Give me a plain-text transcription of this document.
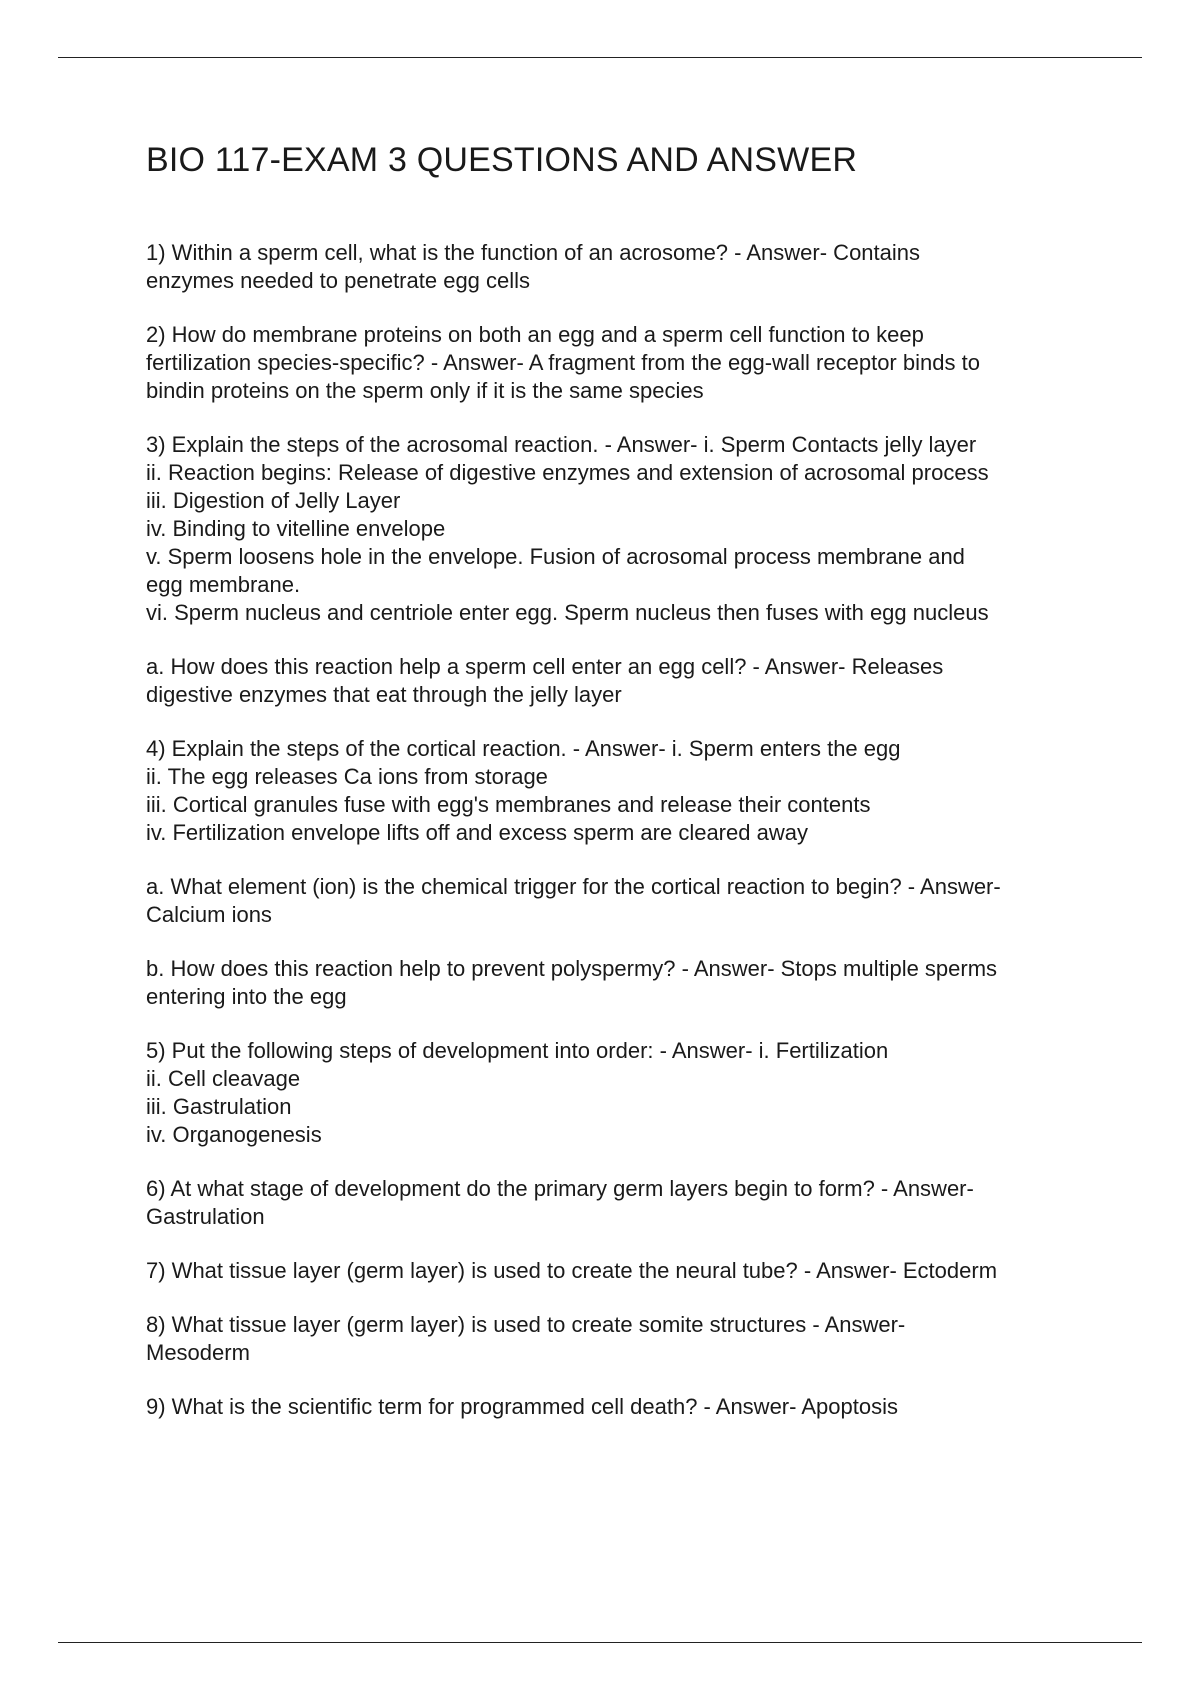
BIO 117-EXAM 3 QUESTIONS AND ANSWER
1) Within a sperm cell, what is the function of an acrosome? - Answer- Contains
enzymes needed to penetrate egg cells
2) How do membrane proteins on both an egg and a sperm cell function to keep
fertilization species-specific? - Answer- A fragment from the egg-wall receptor binds to
bindin proteins on the sperm only if it is the same species
3) Explain the steps of the acrosomal reaction. - Answer- i. Sperm Contacts jelly layer
ii. Reaction begins: Release of digestive enzymes and extension of acrosomal process
iii. Digestion of Jelly Layer
iv. Binding to vitelline envelope
v. Sperm loosens hole in the envelope. Fusion of acrosomal process membrane and
egg membrane.
vi. Sperm nucleus and centriole enter egg. Sperm nucleus then fuses with egg nucleus
a. How does this reaction help a sperm cell enter an egg cell? - Answer- Releases
digestive enzymes that eat through the jelly layer
4) Explain the steps of the cortical reaction. - Answer- i. Sperm enters the egg
ii. The egg releases Ca ions from storage
iii. Cortical granules fuse with egg's membranes and release their contents
iv. Fertilization envelope lifts off and excess sperm are cleared away
a. What element (ion) is the chemical trigger for the cortical reaction to begin? - Answer-
Calcium ions
b. How does this reaction help to prevent polyspermy? - Answer- Stops multiple sperms
entering into the egg
5) Put the following steps of development into order: - Answer- i. Fertilization
ii. Cell cleavage
iii. Gastrulation
iv. Organogenesis
6) At what stage of development do the primary germ layers begin to form? - Answer-
Gastrulation
7) What tissue layer (germ layer) is used to create the neural tube? - Answer- Ectoderm
8) What tissue layer (germ layer) is used to create somite structures - Answer-
Mesoderm
9) What is the scientific term for programmed cell death? - Answer- Apoptosis
